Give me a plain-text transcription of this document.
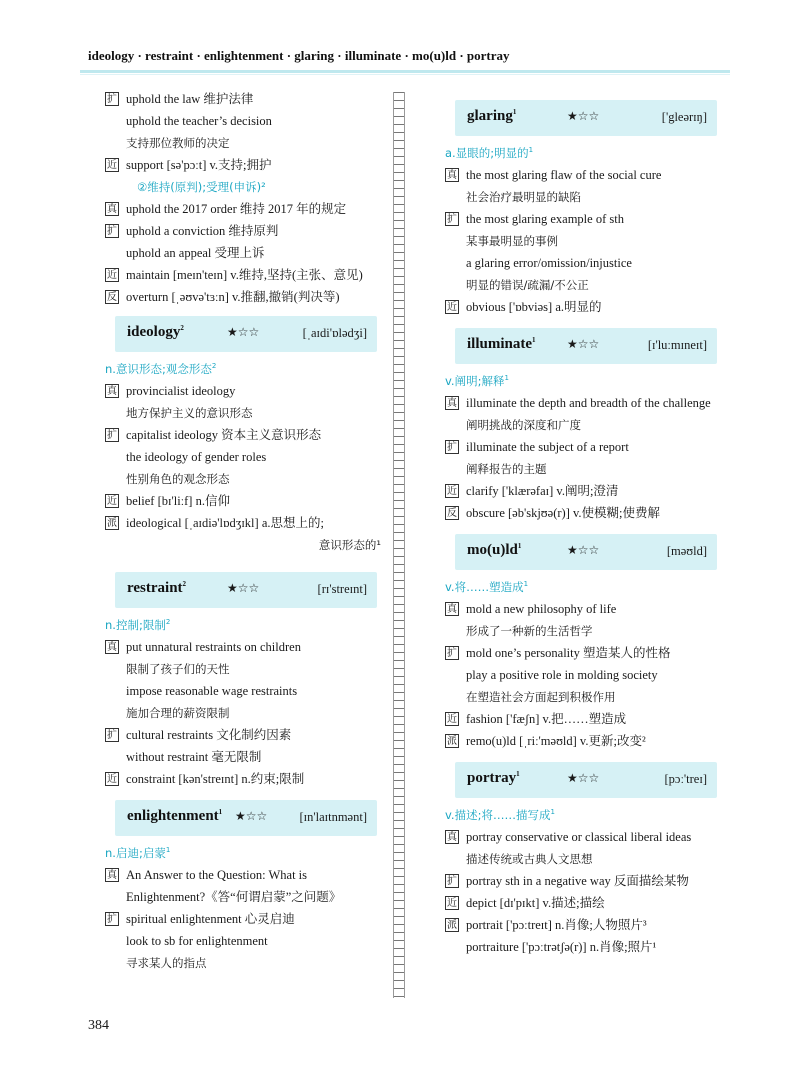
ideology · restraint · enlightenment · glaring · illuminate · mo(u)ld · portray
扩 uphold the law 维护法律
uphold the teacher’s decision
支持那位教师的决定
近 support [sə'pɔːt] v.支持;拥护
②维持(原判);受理(申诉)²
真 uphold the 2017 order 维持 2017 年的规定
扩 uphold a conviction 维持原判
uphold an appeal 受理上诉
近 maintain [meɪn'teɪn] v.维持,坚持(主张、意见)
反 overturn [ˌəʊvə'tɜːn] v.推翻,撤销(判决等)
ideology$^2$	★☆☆	[ˌaɪdi'ɒlədʒi]
n.意识形态;观念形态$^2$
真 provincialist ideology
地方保护主义的意识形态
扩 capitalist ideology 资本主义意识形态
the ideology of gender roles
性别角色的观念形态
近 belief [bɪ'liːf] n.信仰
派 ideological [ˌaɪdiə'lɒdʒɪkl] a.思想上的;
意识形态的¹
restraint$^2$	★☆☆	[rɪ'streɪnt]
n.控制;限制$^2$
真 put unnatural restraints on children
限制了孩子们的天性
impose reasonable wage restraints
施加合理的薪资限制
扩 cultural restraints 文化制约因素
without restraint 毫无限制
近 constraint [kən'streɪnt] n.约束;限制
enlightenment$^1$ ★☆☆	[ɪn'laɪtnmənt]
n.启迪;启蒙$^1$
真 An Answer to the Question: What is
Enlightenment?《答“何谓启蒙”之问题》
扩 spiritual enlightenment 心灵启迪
look to sb for enlightenment
寻求某人的指点
glaring$^1$	★☆☆	['gleərɪŋ]
a.显眼的;明显的$^1$
真 the most glaring flaw of the social cure
社会治疗最明显的缺陷
扩 the most glaring example of sth
某事最明显的事例
a glaring error/omission/injustice
明显的错误/疏漏/不公正
近 obvious ['ɒbviəs] a.明显的
illuminate$^1$	★☆☆	[ɪ'luːmɪneɪt]
v.阐明;解释$^1$
真 illuminate the depth and breadth of the challenge
阐明挑战的深度和广度
扩 illuminate the subject of a report
阐释报告的主题
近 clarify ['klærəfaɪ] v.阐明;澄清
反 obscure [əb'skjʊə(r)] v.使模糊;使费解
$mo(u)ld^1$	★☆☆	[məʊld]
v.将……塑造成$^1$
真 mold a new philosophy of life
形成了一种新的生活哲学
扩 mold one’s personality 塑造某人的性格
play a positive role in molding society
在塑造社会方面起到积极作用
近 fashion ['fæʃn] v.把……塑造成
派 remo(u)ld [ˌriː'məʊld] v.更新;改变²
portray$^1$	★☆☆	[pɔː'treɪ]
v.描述;将……描写成$^1$
真 portray conservative or classical liberal ideas
描述传统或古典人文思想
扩 portray sth in a negative way 反面描绘某物
近 depict [dɪ'pɪkt] v.描述;描绘
派 portrait ['pɔːtreɪt] n.肖像;人物照片³
portraiture ['pɔːtrətʃə(r)] n.肖像;照片¹
384
